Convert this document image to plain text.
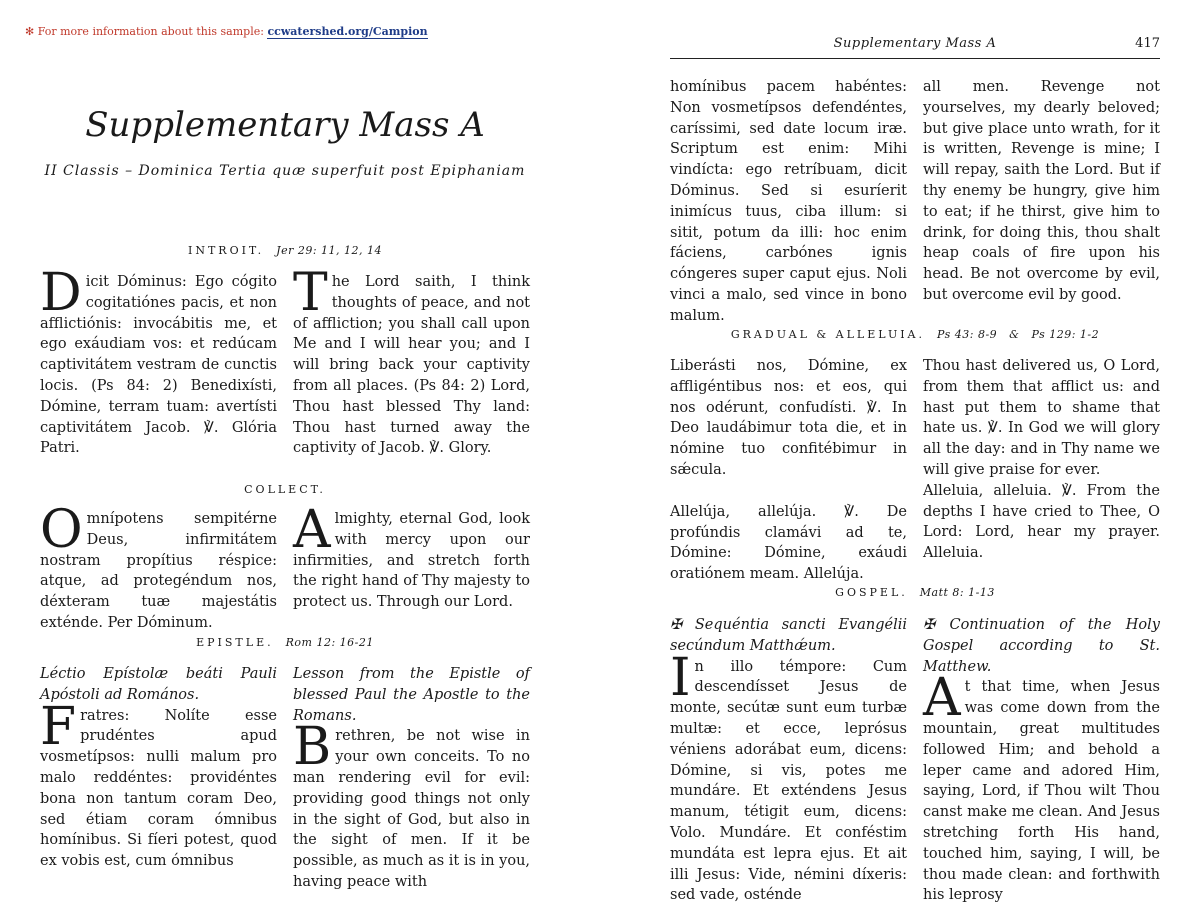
✻ For more information about this sample: ccwatershed.org/Campion
Supplementary Mass A
II Classis – Dominica Tertia quæ superfuit post Epiphaniam
INTROIT. Jer 29: 11, 12, 14
Dicit Dóminus: Ego cógito cogitatiónes pacis, et non afflictiónis: invocábitis me, et ego exáudiam vos: et redúcam captivitátem vestram de cunctis locis. (Ps 84: 2) Benedixísti, Dómine, terram tuam: avertísti captivitátem Jacob. ℣. Glória Patri.
The Lord saith, I think thoughts of peace, and not of affliction; you shall call upon Me and I will hear you; and I will bring back your captivity from all places. (Ps 84: 2) Lord, Thou hast blessed Thy land: Thou hast turned away the captivity of Jacob. ℣. Glory.
COLLECT.
Omnípotens sempitérne Deus, infirmitátem nostram propítius réspice: atque, ad protegéndum nos, déxteram tuæ majestátis exténde. Per Dóminum.
Almighty, eternal God, look with mercy upon our infirmities, and stretch forth the right hand of Thy majesty to protect us. Through our Lord.
EPISTLE. Rom 12: 16-21
Léctio Epístolæ beáti Pauli Apóstoli ad Romános.
F ratres: Nolíte esse prudéntes apud vosmetípsos: nulli malum pro malo reddéntes: providéntes bona non tantum coram Deo, sed étiam coram ómnibus homínibus. Si fíeri potest, quod ex vobis est, cum ómnibus
Lesson from the Epistle of blessed Paul the Apostle to the Romans.
B rethren, be not wise in your own conceits. To no man rendering evil for evil: providing good things not only in the sight of God, but also in the sight of men. If it be possible, as much as it is in you, having peace with
Supplementary Mass A	417
homínibus pacem habéntes: Non vosmetípsos defendéntes, caríssimi, sed date locum iræ. Scriptum est enim: Mihi vindícta: ego retríbuam, dicit Dóminus. Sed si esuríerit inimícus tuus, ciba illum: si sitit, potum da illi: hoc enim fáciens, carbónes ignis cóngeres super caput ejus. Noli vinci a malo, sed vince in bono malum.
all men. Revenge not yourselves, my dearly beloved; but give place unto wrath, for it is written, Revenge is mine; I will repay, saith the Lord. But if thy enemy be hungry, give him to eat; if he thirst, give him to drink, for doing this, thou shalt heap coals of fire upon his head. Be not overcome by evil, but overcome evil by good.
GRADUAL & ALLELUIA. Ps 43: 8-9 & Ps 129: 1-2
Liberásti nos, Dómine, ex affligéntibus nos: et eos, qui nos odérunt, confudísti. ℣. In Deo laudábimur tota die, et in nómine tuo confitébimur in sǽcula.
Allelúja, allelúja. ℣. De profúndis clamávi ad te, Dómine: Dómine, exáudi oratiónem meam. Allelúja.
Thou hast delivered us, O Lord, from them that afflict us: and hast put them to shame that hate us. ℣. In God we will glory all the day: and in Thy name we will give praise for ever.
Alleluia, alleluia. ℣. From the depths I have cried to Thee, O Lord: Lord, hear my prayer. Alleluia.
GOSPEL. Matt 8: 1-13
✠ Sequéntia sancti Evangélii secúndum Matthǽum.
I n illo témpore: Cum descendísset Jesus de monte, secútæ sunt eum turbæ multæ: et ecce, leprósus véniens adorábat eum, dicens: Dómine, si vis, potes me mundáre. Et exténdens Jesus manum, tétigit eum, dicens: Volo. Mundáre. Et conféstim mundáta est lepra ejus. Et ait illi Jesus: Vide, némini díxeris: sed vade, osténde
✠ Continuation of the Holy Gospel according to St. Matthew.
A t that time, when Jesus was come down from the mountain, great multitudes followed Him; and behold a leper came and adored Him, saying, Lord, if Thou wilt Thou canst make me clean. And Jesus stretching forth His hand, touched him, saying, I will, be thou made clean: and forthwith his leprosy
